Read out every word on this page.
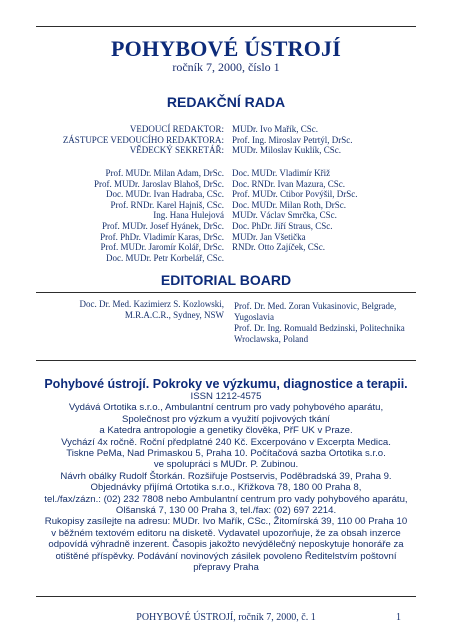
POHYBOVÉ ÚSTROJÍ
ročník 7, 2000, číslo 1
REDAKČNÍ RADA
VEDOUCÍ REDAKTOR:
ZÁSTUPCE VEDOUCÍHO REDAKTORA:
VĚDECKÝ SEKRETÁŘ:
MUDr. Ivo Mařík, CSc.
Prof. Ing. Miroslav Petrtýl, DrSc.
MUDr. Miloslav Kuklík, CSc.
Prof. MUDr. Milan Adam, DrSc.
Prof. MUDr. Jaroslav Blahoš, DrSc.
Doc. MUDr. Ivan Hadraba, CSc.
Prof. RNDr. Karel Hajniš, CSc.
Ing. Hana Hulejová
Prof. MUDr. Josef Hyánek, DrSc.
Prof. PhDr. Vladimír Karas, DrSc.
Prof. MUDr. Jaromír Kolář, DrSc.
Doc. MUDr. Petr Korbelář, CSc.
Doc. MUDr. Vladimír Křiž
Doc. RNDr. Ivan Mazura, CSc.
Prof. MUDr. Ctibor Povýšil, DrSc.
Doc. MUDr. Milan Roth, DrSc.
MUDr. Václav Smrčka, CSc.
Doc. PhDr. Jiří Straus, CSc.
MUDr. Jan Všetička
RNDr. Otto Zajíček, CSc.
EDITORIAL BOARD
Doc. Dr. Med. Kazimierz S. Kozlowski,
M.R.A.C.R., Sydney, NSW
Prof. Dr. Med. Zoran Vukasinovic, Belgrade,
Yugoslavia
Prof. Dr. Ing. Romuald Bedzinski, Politechnika
Wroclawska, Poland
Pohybové ústrojí. Pokroky ve výzkumu, diagnostice a terapii.
ISSN 1212-4575
Vydává Ortotika s.r.o., Ambulantní centrum pro vady pohybového aparátu,
Společnost pro výzkum a využití pojivových tkání
a Katedra antropologie a genetiky člověka, PřF UK v Praze.
Vychází 4x ročně. Roční předplatné 240 Kč. Excerpováno v Excerpta Medica.
Tiskne PeMa, Nad Primaskou 5, Praha 10. Počítačová sazba Ortotika s.r.o.
ve spolupráci s MUDr. P. Zubinou.
Návrh obálky Rudolf Štorkán. Rozšiřuje Postservis, Poděbradská 39, Praha 9.
Objednávky přijímá Ortotika s.r.o., Křižkova 78, 180 00 Praha 8,
tel./fax/zázn.: (02) 232 7808 nebo Ambulantní centrum pro vady pohybového aparátu,
Olšanská 7, 130 00 Praha 3, tel./fax: (02) 697 2214.
Rukopisy zasílejte na adresu: MUDr. Ivo Mařík, CSc., Žitomírská 39, 110 00 Praha 10
v běžném textovém editoru na disketě. Vydavatel upozorňuje, že za obsah inzerce
odpovídá výhradně inzerent. Časopis jakožto nevýdělečný neposkytuje honoráře za
otištěné příspěvky. Podávání novinových zásilek povoleno Ředitelstvím poštovní
přepravy Praha
POHYBOVÉ ÚSTROJÍ, ročník 7, 2000, č. 1	1
